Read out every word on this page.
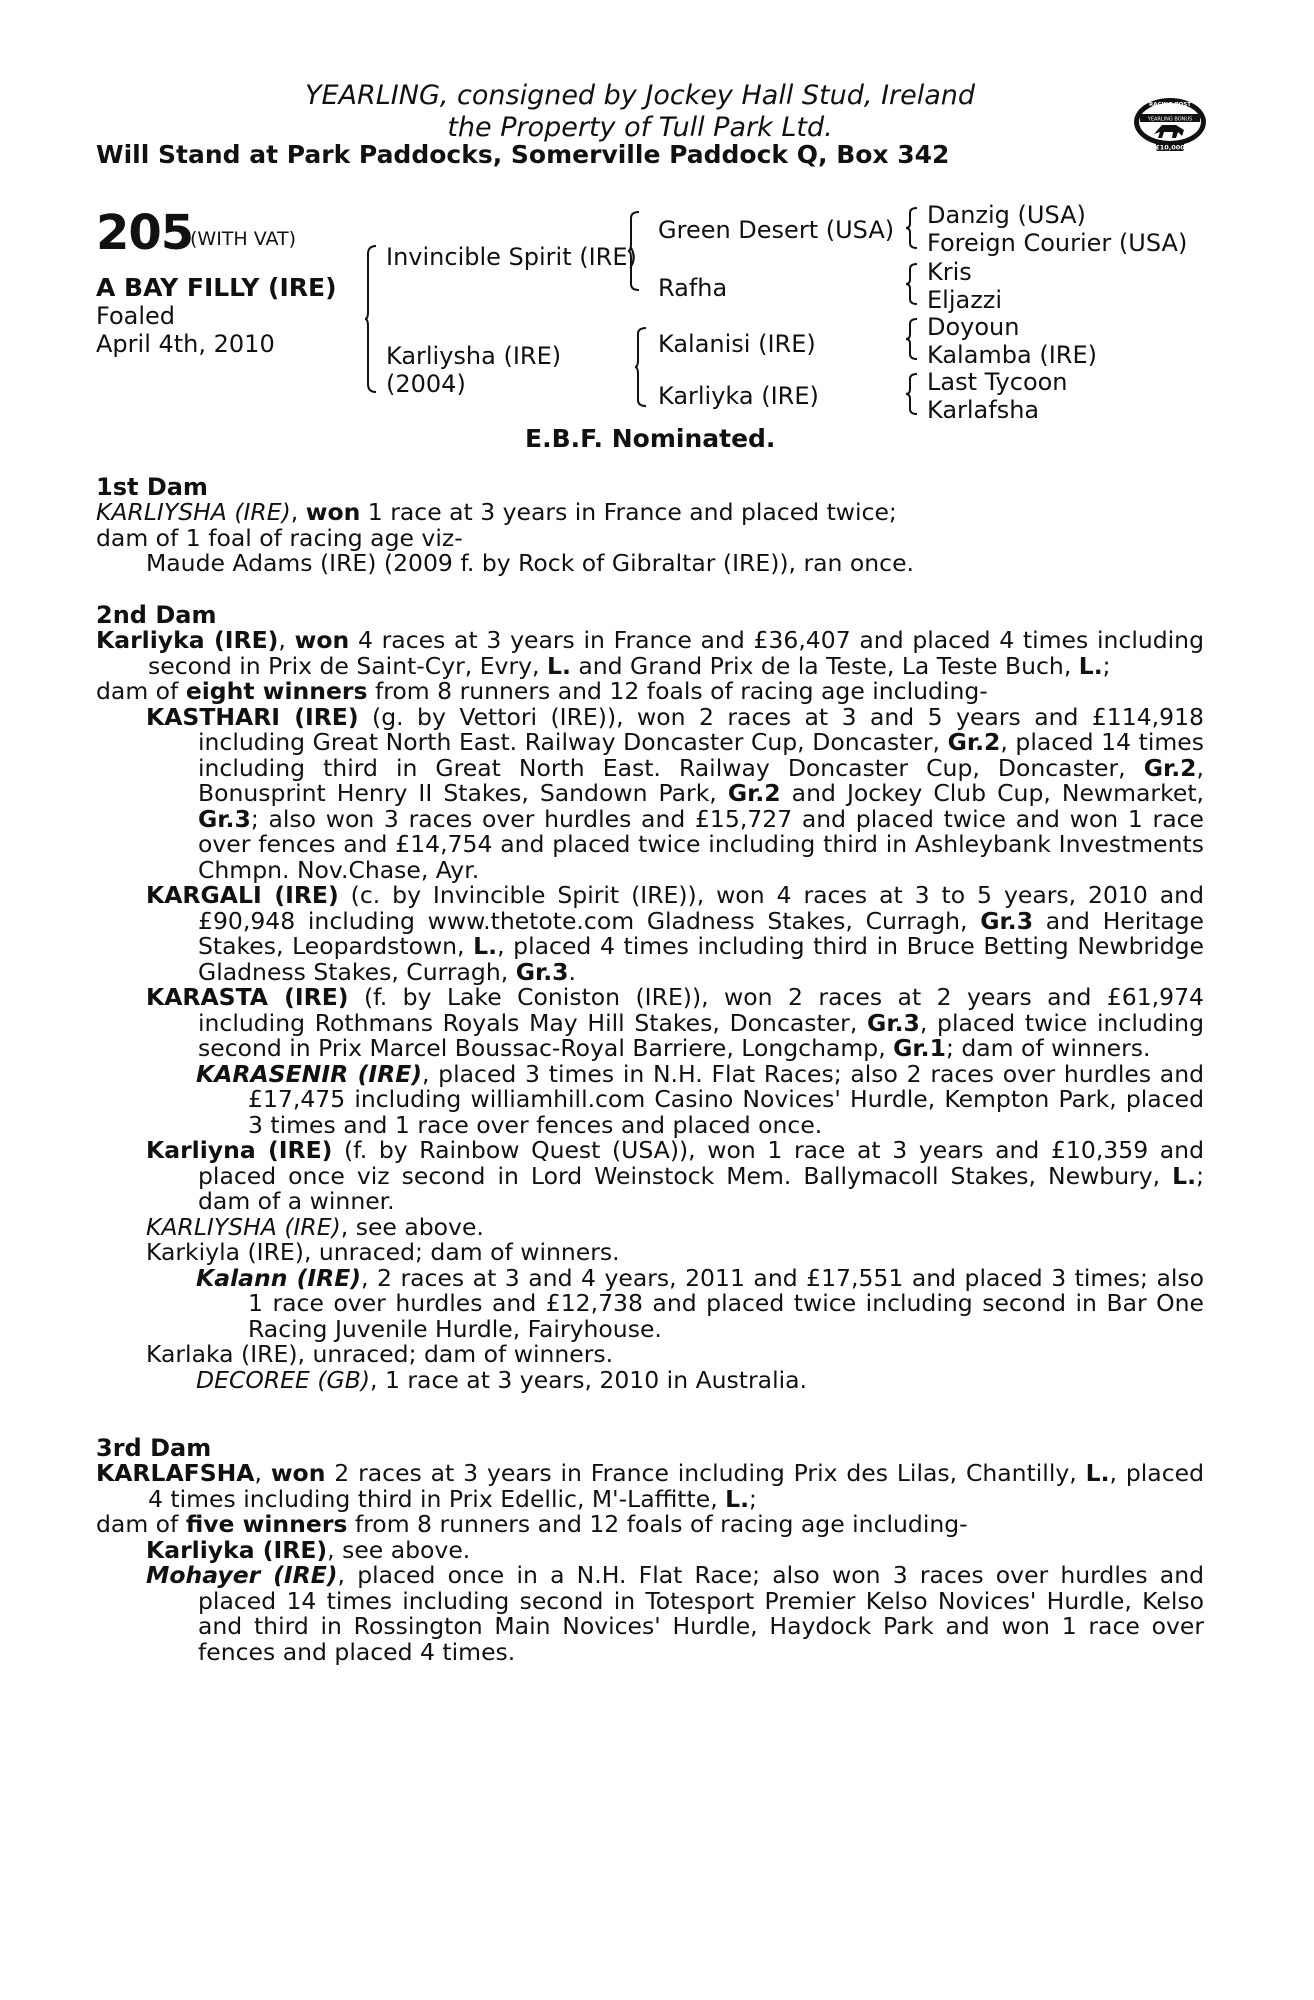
YEARLING, consigned by Jockey Hall Stud, Ireland
the Property of Tull Park Ltd.
Will Stand at Park Paddocks, Somerville Paddock Q, Box 342
RACING POST
YEARLING BONUS
£10,000
205
(WITH VAT)
A BAY FILLY (IRE)
Foaled
April 4th, 2010
Invincible Spirit (IRE)
Karliysha (IRE)
(2004)
Green Desert (USA)
Rafha
Kalanisi (IRE)
Karliyka (IRE)
Danzig (USA)
Foreign Courier (USA)
Kris
Eljazzi
Doyoun
Kalamba (IRE)
Last Tycoon
Karlafsha
E.B.F. Nominated.
1st Dam

KARLIYSHA (IRE), won 1 race at 3 years in France and placed twice;

dam of 1 foal of racing age viz-

Maude Adams (IRE) (2009 f. by Rock of Gibraltar (IRE)), ran once.

2nd Dam

Karliyka (IRE), won 4 races at 3 years in France and £36,407 and placed 4 times including second in Prix de Saint-Cyr, Evry, L. and Grand Prix de la Teste, La Teste Buch, L.;

dam of eight winners from 8 runners and 12 foals of racing age including-

KASTHARI (IRE) (g. by Vettori (IRE)), won 2 races at 3 and 5 years and £114,918 including Great North East. Railway Doncaster Cup, Doncaster, Gr.2, placed 14 times including third in Great North East. Railway Doncaster Cup, Doncaster, Gr.2, Bonusprint Henry II Stakes, Sandown Park, Gr.2 and Jockey Club Cup, Newmarket, Gr.3; also won 3 races over hurdles and £15,727 and placed twice and won 1 race over fences and £14,754 and placed twice including third in Ashleybank Investments Chmpn. Nov.Chase, Ayr.

KARGALI (IRE) (c. by Invincible Spirit (IRE)), won 4 races at 3 to 5 years, 2010 and £90,948 including www.thetote.com Gladness Stakes, Curragh, Gr.3 and Heritage Stakes, Leopardstown, L., placed 4 times including third in Bruce Betting Newbridge Gladness Stakes, Curragh, Gr.3.

KARASTA (IRE) (f. by Lake Coniston (IRE)), won 2 races at 2 years and £61,974 including Rothmans Royals May Hill Stakes, Doncaster, Gr.3, placed twice including second in Prix Marcel Boussac-Royal Barriere, Longchamp, Gr.1; dam of winners.

KARASENIR (IRE), placed 3 times in N.H. Flat Races; also 2 races over hurdles and £17,475 including williamhill.com Casino Novices' Hurdle, Kempton Park, placed 3 times and 1 race over fences and placed once.

Karliyna (IRE) (f. by Rainbow Quest (USA)), won 1 race at 3 years and £10,359 and placed once viz second in Lord Weinstock Mem. Ballymacoll Stakes, Newbury, L.; dam of a winner.

KARLIYSHA (IRE), see above.

Karkiyla (IRE), unraced; dam of winners.

Kalann (IRE), 2 races at 3 and 4 years, 2011 and £17,551 and placed 3 times; also 1 race over hurdles and £12,738 and placed twice including second in Bar One Racing Juvenile Hurdle, Fairyhouse.

Karlaka (IRE), unraced; dam of winners.

DECOREE (GB), 1 race at 3 years, 2010 in Australia.

3rd Dam

KARLAFSHA, won 2 races at 3 years in France including Prix des Lilas, Chantilly, L., placed 4 times including third in Prix Edellic, M'-Laffitte, L.;

dam of five winners from 8 runners and 12 foals of racing age including-

Karliyka (IRE), see above.

Mohayer (IRE), placed once in a N.H. Flat Race; also won 3 races over hurdles and placed 14 times including second in Totesport Premier Kelso Novices' Hurdle, Kelso and third in Rossington Main Novices' Hurdle, Haydock Park and won 1 race over fences and placed 4 times.
